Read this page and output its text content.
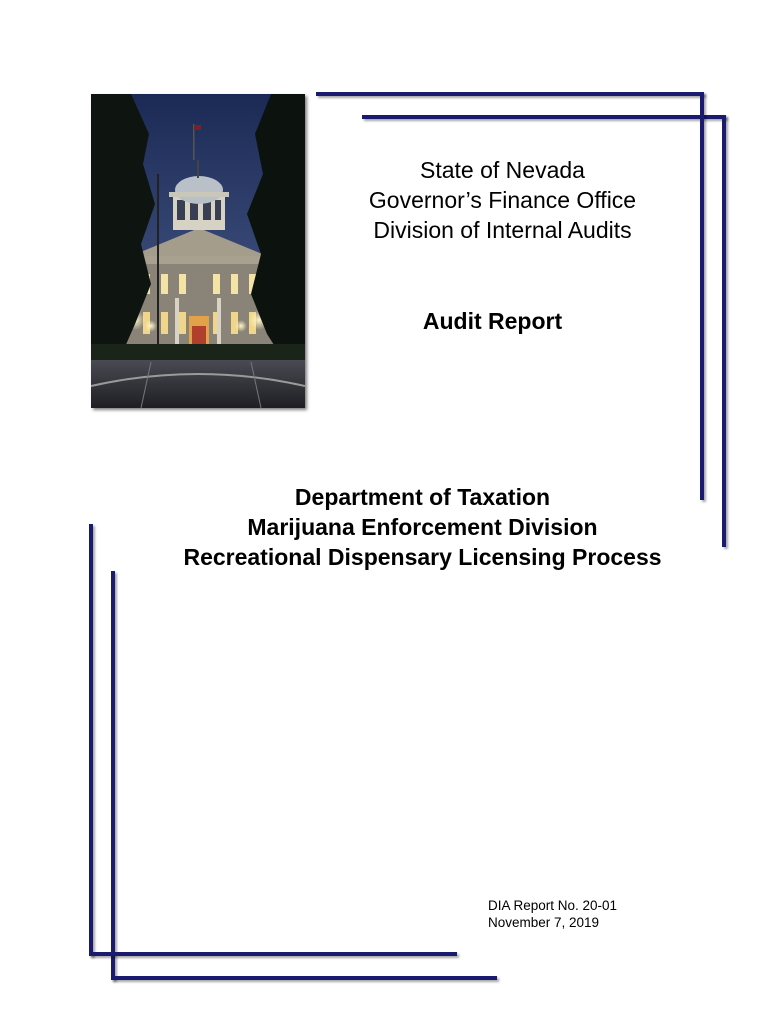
State of Nevada
Governor’s Finance Office
Division of Internal Audits
Audit Report
Department of Taxation
Marijuana Enforcement Division
Recreational Dispensary Licensing Process
DIA Report No. 20-01
November 7, 2019
